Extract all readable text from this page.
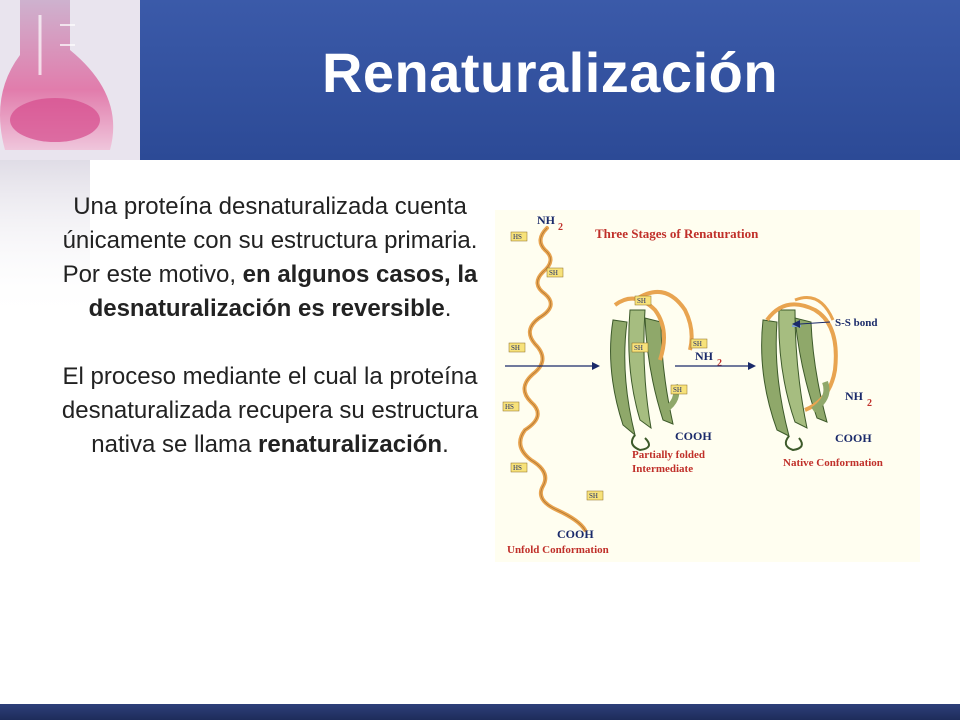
Renaturalización

Una proteína desnaturalizada cuenta únicamente con su estructura primaria. Por este motivo, en algunos casos, la desnaturalización es reversible.

El proceso mediante el cual la proteína desnaturalizada recupera su estructura nativa se llama renaturalización.

Three Stages of Renaturation
NH
2
HS
SH
SH
HS
HS
SH
COOH
Unfold Conformation
SH
SH	SH
SH
NH
2
COOH
Partially folded
Intermediate
S-S bond
NH
2
COOH
Native Conformation
